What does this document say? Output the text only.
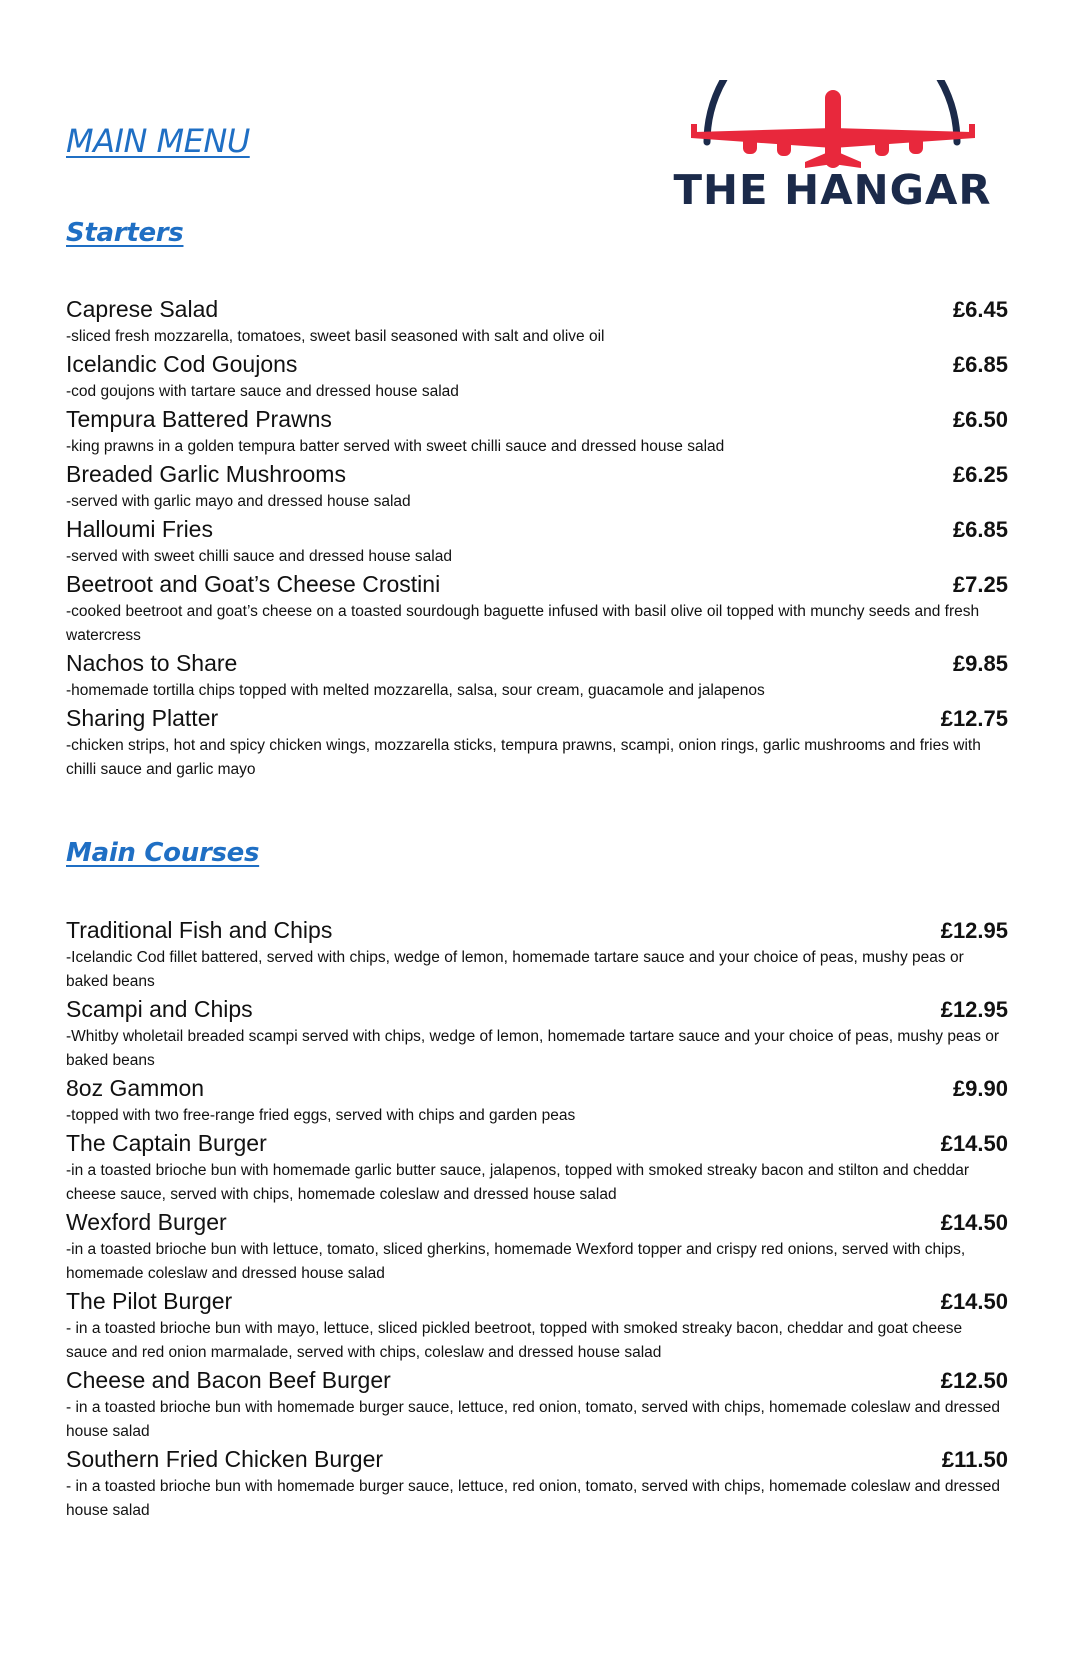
MAIN MENU
THE HANGAR
Starters
Caprese Salad	£6.45
-sliced fresh mozzarella, tomatoes, sweet basil seasoned with salt and olive oil
Icelandic Cod Goujons	£6.85
-cod goujons with tartare sauce and dressed house salad
Tempura Battered Prawns	£6.50
-king prawns in a golden tempura batter served with sweet chilli sauce and dressed house salad
Breaded Garlic Mushrooms	£6.25
-served with garlic mayo and dressed house salad
Halloumi Fries	£6.85
-served with sweet chilli sauce and dressed house salad
Beetroot and Goat’s Cheese Crostini	£7.25
-cooked beetroot and goat’s cheese on a toasted sourdough baguette infused with basil olive oil topped with munchy seeds and fresh watercress
Nachos to Share	£9.85
-homemade tortilla chips topped with melted mozzarella, salsa, sour cream, guacamole and jalapenos
Sharing Platter	£12.75
-chicken strips, hot and spicy chicken wings, mozzarella sticks, tempura prawns, scampi, onion rings, garlic mushrooms and fries with chilli sauce and garlic mayo
Main Courses
Traditional Fish and Chips	£12.95
-Icelandic Cod fillet battered, served with chips, wedge of lemon, homemade tartare sauce and your choice of peas, mushy peas or baked beans
Scampi and Chips	£12.95
-Whitby wholetail breaded scampi served with chips, wedge of lemon, homemade tartare sauce and your choice of peas, mushy peas or baked beans
8oz Gammon	£9.90
-topped with two free-range fried eggs, served with chips and garden peas
The Captain Burger	£14.50
-in a toasted brioche bun with homemade garlic butter sauce, jalapenos, topped with smoked streaky bacon and stilton and cheddar cheese sauce, served with chips, homemade coleslaw and dressed house salad
Wexford Burger	£14.50
-in a toasted brioche bun with lettuce, tomato, sliced gherkins, homemade Wexford topper and crispy red onions, served with chips, homemade coleslaw and dressed house salad
The Pilot Burger	£14.50
- in a toasted brioche bun with mayo, lettuce, sliced pickled beetroot, topped with smoked streaky bacon, cheddar and goat cheese sauce and red onion marmalade, served with chips, coleslaw and dressed house salad
Cheese and Bacon Beef Burger	£12.50
- in a toasted brioche bun with homemade burger sauce, lettuce, red onion, tomato, served with chips, homemade coleslaw and dressed house salad
Southern Fried Chicken Burger	£11.50
- in a toasted brioche bun with homemade burger sauce, lettuce, red onion, tomato, served with chips, homemade coleslaw and dressed house salad
